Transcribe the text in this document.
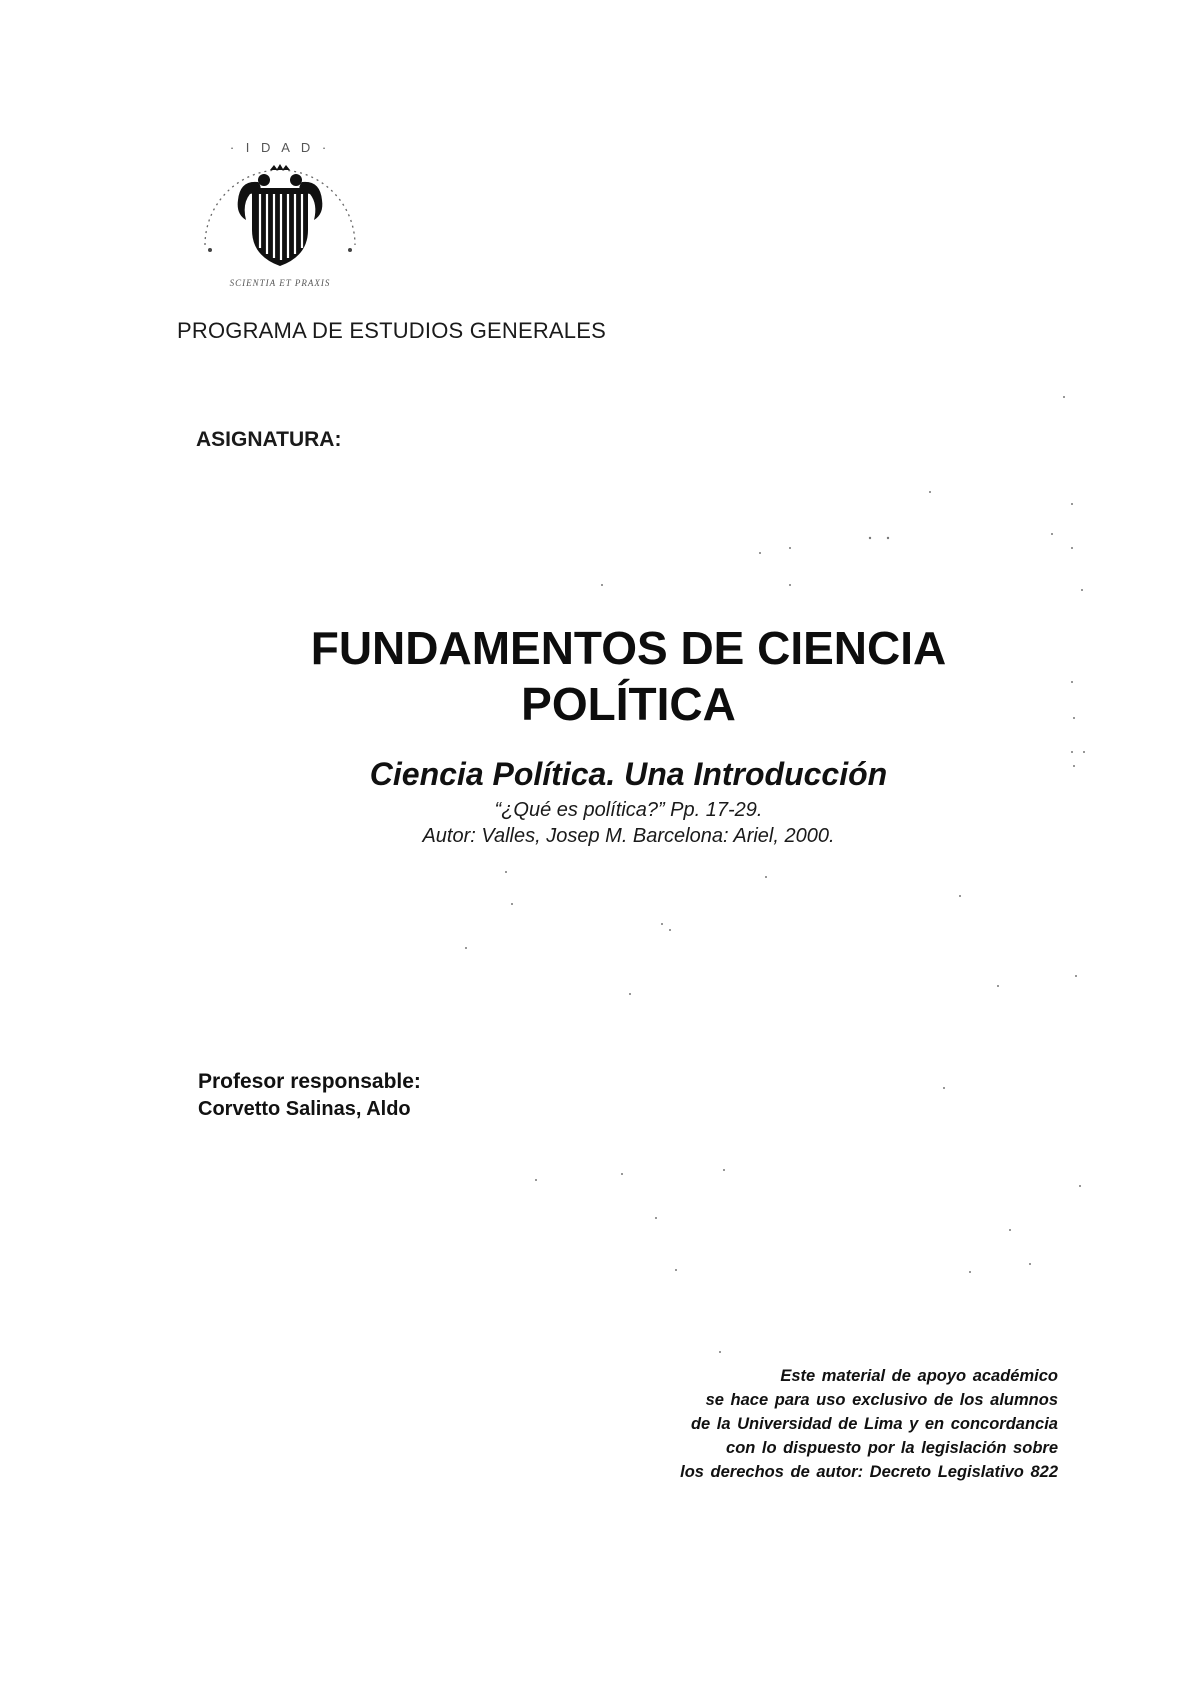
· I D A D ·
SCIENTIA ET PRAXIS
PROGRAMA DE ESTUDIOS GENERALES
ASIGNATURA:
FUNDAMENTOS DE CIENCIA
POLÍTICA
Ciencia Política. Una Introducción
“¿Qué es política?” Pp. 17-29.
Autor: Valles, Josep M. Barcelona: Ariel, 2000.
Profesor responsable:
Corvetto Salinas, Aldo
Este material de apoyo académico
se hace para uso exclusivo de los alumnos
de la Universidad de Lima y en concordancia
con lo dispuesto por la legislación sobre
los derechos de autor: Decreto Legislativo 822
